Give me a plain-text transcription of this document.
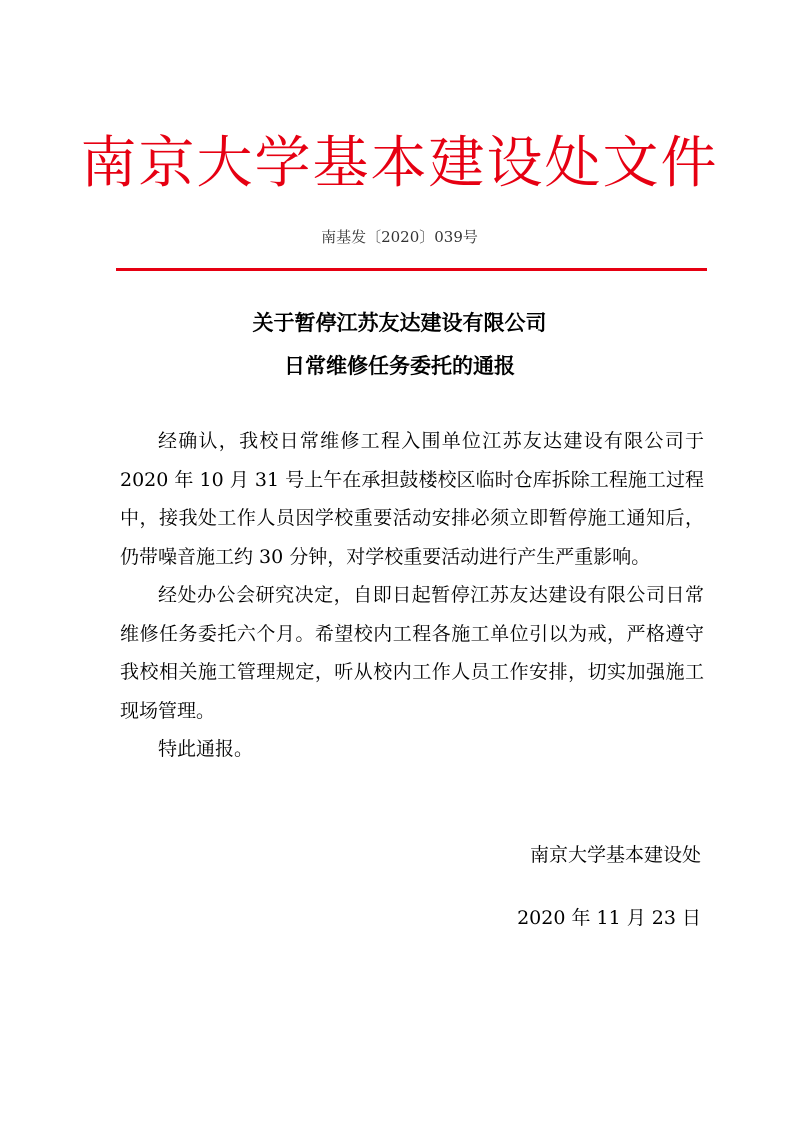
南京大学基本建设处文件
南基发〔2020〕039号
关于暂停江苏友达建设有限公司
日常维修任务委托的通报

经确认，我校日常维修工程入围单位江苏友达建设有限公司于 2020 年 10 月 31 号上午在承担鼓楼校区临时仓库拆除工程施工过程中，接我处工作人员因学校重要活动安排必须立即暂停施工通知后，仍带噪音施工约 30 分钟，对学校重要活动进行产生严重影响。

经处办公会研究决定，自即日起暂停江苏友达建设有限公司日常维修任务委托六个月。希望校内工程各施工单位引以为戒，严格遵守我校相关施工管理规定，听从校内工作人员工作安排，切实加强施工现场管理。

特此通报。

南京大学基本建设处
2020 年 11 月 23 日
